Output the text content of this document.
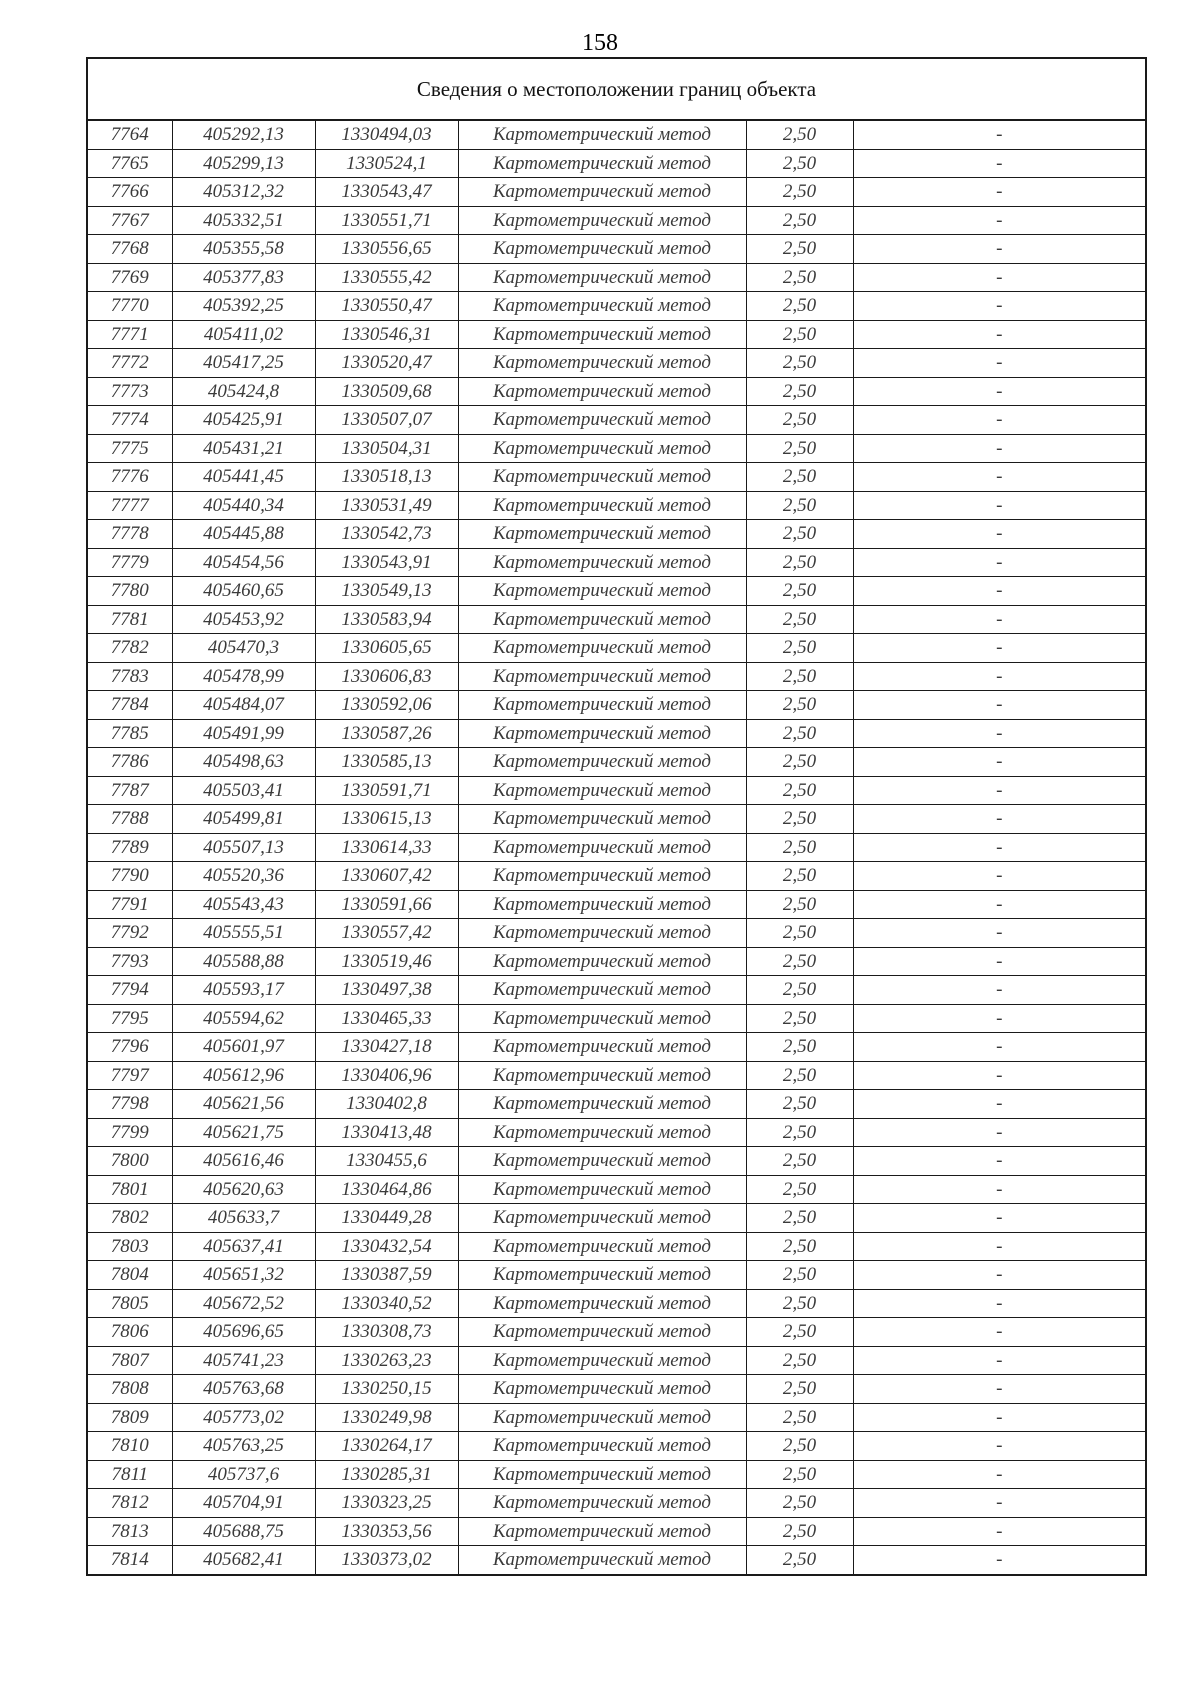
158
Сведения о местоположении границ объекта
7764	405292,13	1330494,03	Картометрический метод	2,50	-
7765	405299,13	1330524,1	Картометрический метод	2,50	-
7766	405312,32	1330543,47	Картометрический метод	2,50	-
7767	405332,51	1330551,71	Картометрический метод	2,50	-
7768	405355,58	1330556,65	Картометрический метод	2,50	-
7769	405377,83	1330555,42	Картометрический метод	2,50	-
7770	405392,25	1330550,47	Картометрический метод	2,50	-
7771	405411,02	1330546,31	Картометрический метод	2,50	-
7772	405417,25	1330520,47	Картометрический метод	2,50	-
7773	405424,8	1330509,68	Картометрический метод	2,50	-
7774	405425,91	1330507,07	Картометрический метод	2,50	-
7775	405431,21	1330504,31	Картометрический метод	2,50	-
7776	405441,45	1330518,13	Картометрический метод	2,50	-
7777	405440,34	1330531,49	Картометрический метод	2,50	-
7778	405445,88	1330542,73	Картометрический метод	2,50	-
7779	405454,56	1330543,91	Картометрический метод	2,50	-
7780	405460,65	1330549,13	Картометрический метод	2,50	-
7781	405453,92	1330583,94	Картометрический метод	2,50	-
7782	405470,3	1330605,65	Картометрический метод	2,50	-
7783	405478,99	1330606,83	Картометрический метод	2,50	-
7784	405484,07	1330592,06	Картометрический метод	2,50	-
7785	405491,99	1330587,26	Картометрический метод	2,50	-
7786	405498,63	1330585,13	Картометрический метод	2,50	-
7787	405503,41	1330591,71	Картометрический метод	2,50	-
7788	405499,81	1330615,13	Картометрический метод	2,50	-
7789	405507,13	1330614,33	Картометрический метод	2,50	-
7790	405520,36	1330607,42	Картометрический метод	2,50	-
7791	405543,43	1330591,66	Картометрический метод	2,50	-
7792	405555,51	1330557,42	Картометрический метод	2,50	-
7793	405588,88	1330519,46	Картометрический метод	2,50	-
7794	405593,17	1330497,38	Картометрический метод	2,50	-
7795	405594,62	1330465,33	Картометрический метод	2,50	-
7796	405601,97	1330427,18	Картометрический метод	2,50	-
7797	405612,96	1330406,96	Картометрический метод	2,50	-
7798	405621,56	1330402,8	Картометрический метод	2,50	-
7799	405621,75	1330413,48	Картометрический метод	2,50	-
7800	405616,46	1330455,6	Картометрический метод	2,50	-
7801	405620,63	1330464,86	Картометрический метод	2,50	-
7802	405633,7	1330449,28	Картометрический метод	2,50	-
7803	405637,41	1330432,54	Картометрический метод	2,50	-
7804	405651,32	1330387,59	Картометрический метод	2,50	-
7805	405672,52	1330340,52	Картометрический метод	2,50	-
7806	405696,65	1330308,73	Картометрический метод	2,50	-
7807	405741,23	1330263,23	Картометрический метод	2,50	-
7808	405763,68	1330250,15	Картометрический метод	2,50	-
7809	405773,02	1330249,98	Картометрический метод	2,50	-
7810	405763,25	1330264,17	Картометрический метод	2,50	-
7811	405737,6	1330285,31	Картометрический метод	2,50	-
7812	405704,91	1330323,25	Картометрический метод	2,50	-
7813	405688,75	1330353,56	Картометрический метод	2,50	-
7814	405682,41	1330373,02	Картометрический метод	2,50	-
